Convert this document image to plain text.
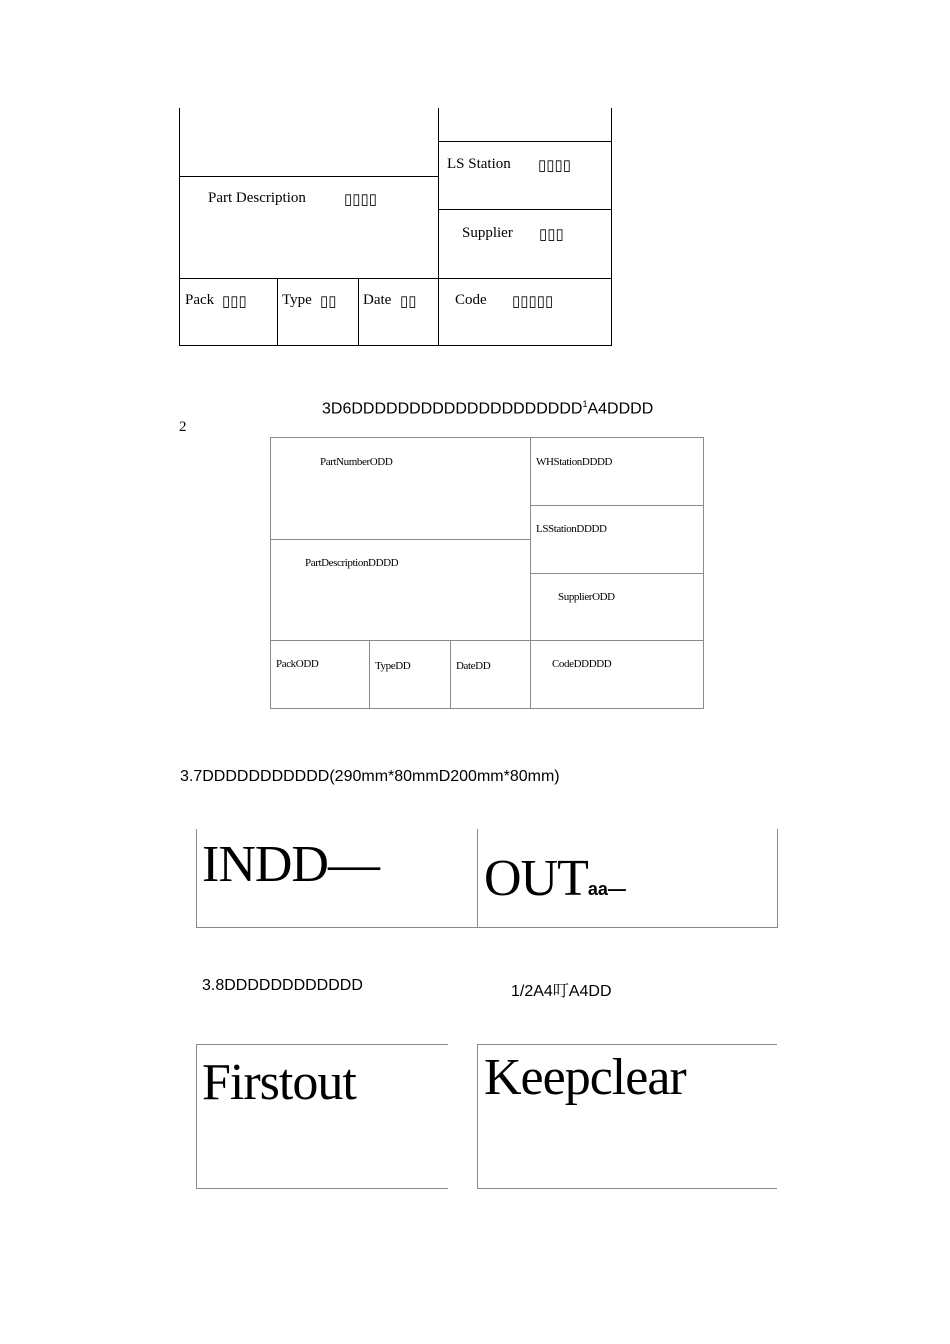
Part Description	▯▯▯▯
LS Station ▯▯▯▯
Supplier ▯▯▯
Pack ▯▯▯ Type ▯▯ Date ▯▯	Code ▯▯▯▯▯
2
3D6DDDDDDDDDDDDDDDDDDDD$^1$A4DDDD
PartNumberODD	WHStationDDDD
LSStationDDDD
PartDescriptionDDDD
SupplierODD
PackODD	TypeDD	DateDD	CodeDDDDD
3.7DDDDDDDDDDD(290mm*80mmD200mm*80mm)
INDD— OUTaa—
3.8DDDDDDDDDDDD	1/2A4叮A4DD
Firstout Keepclear
